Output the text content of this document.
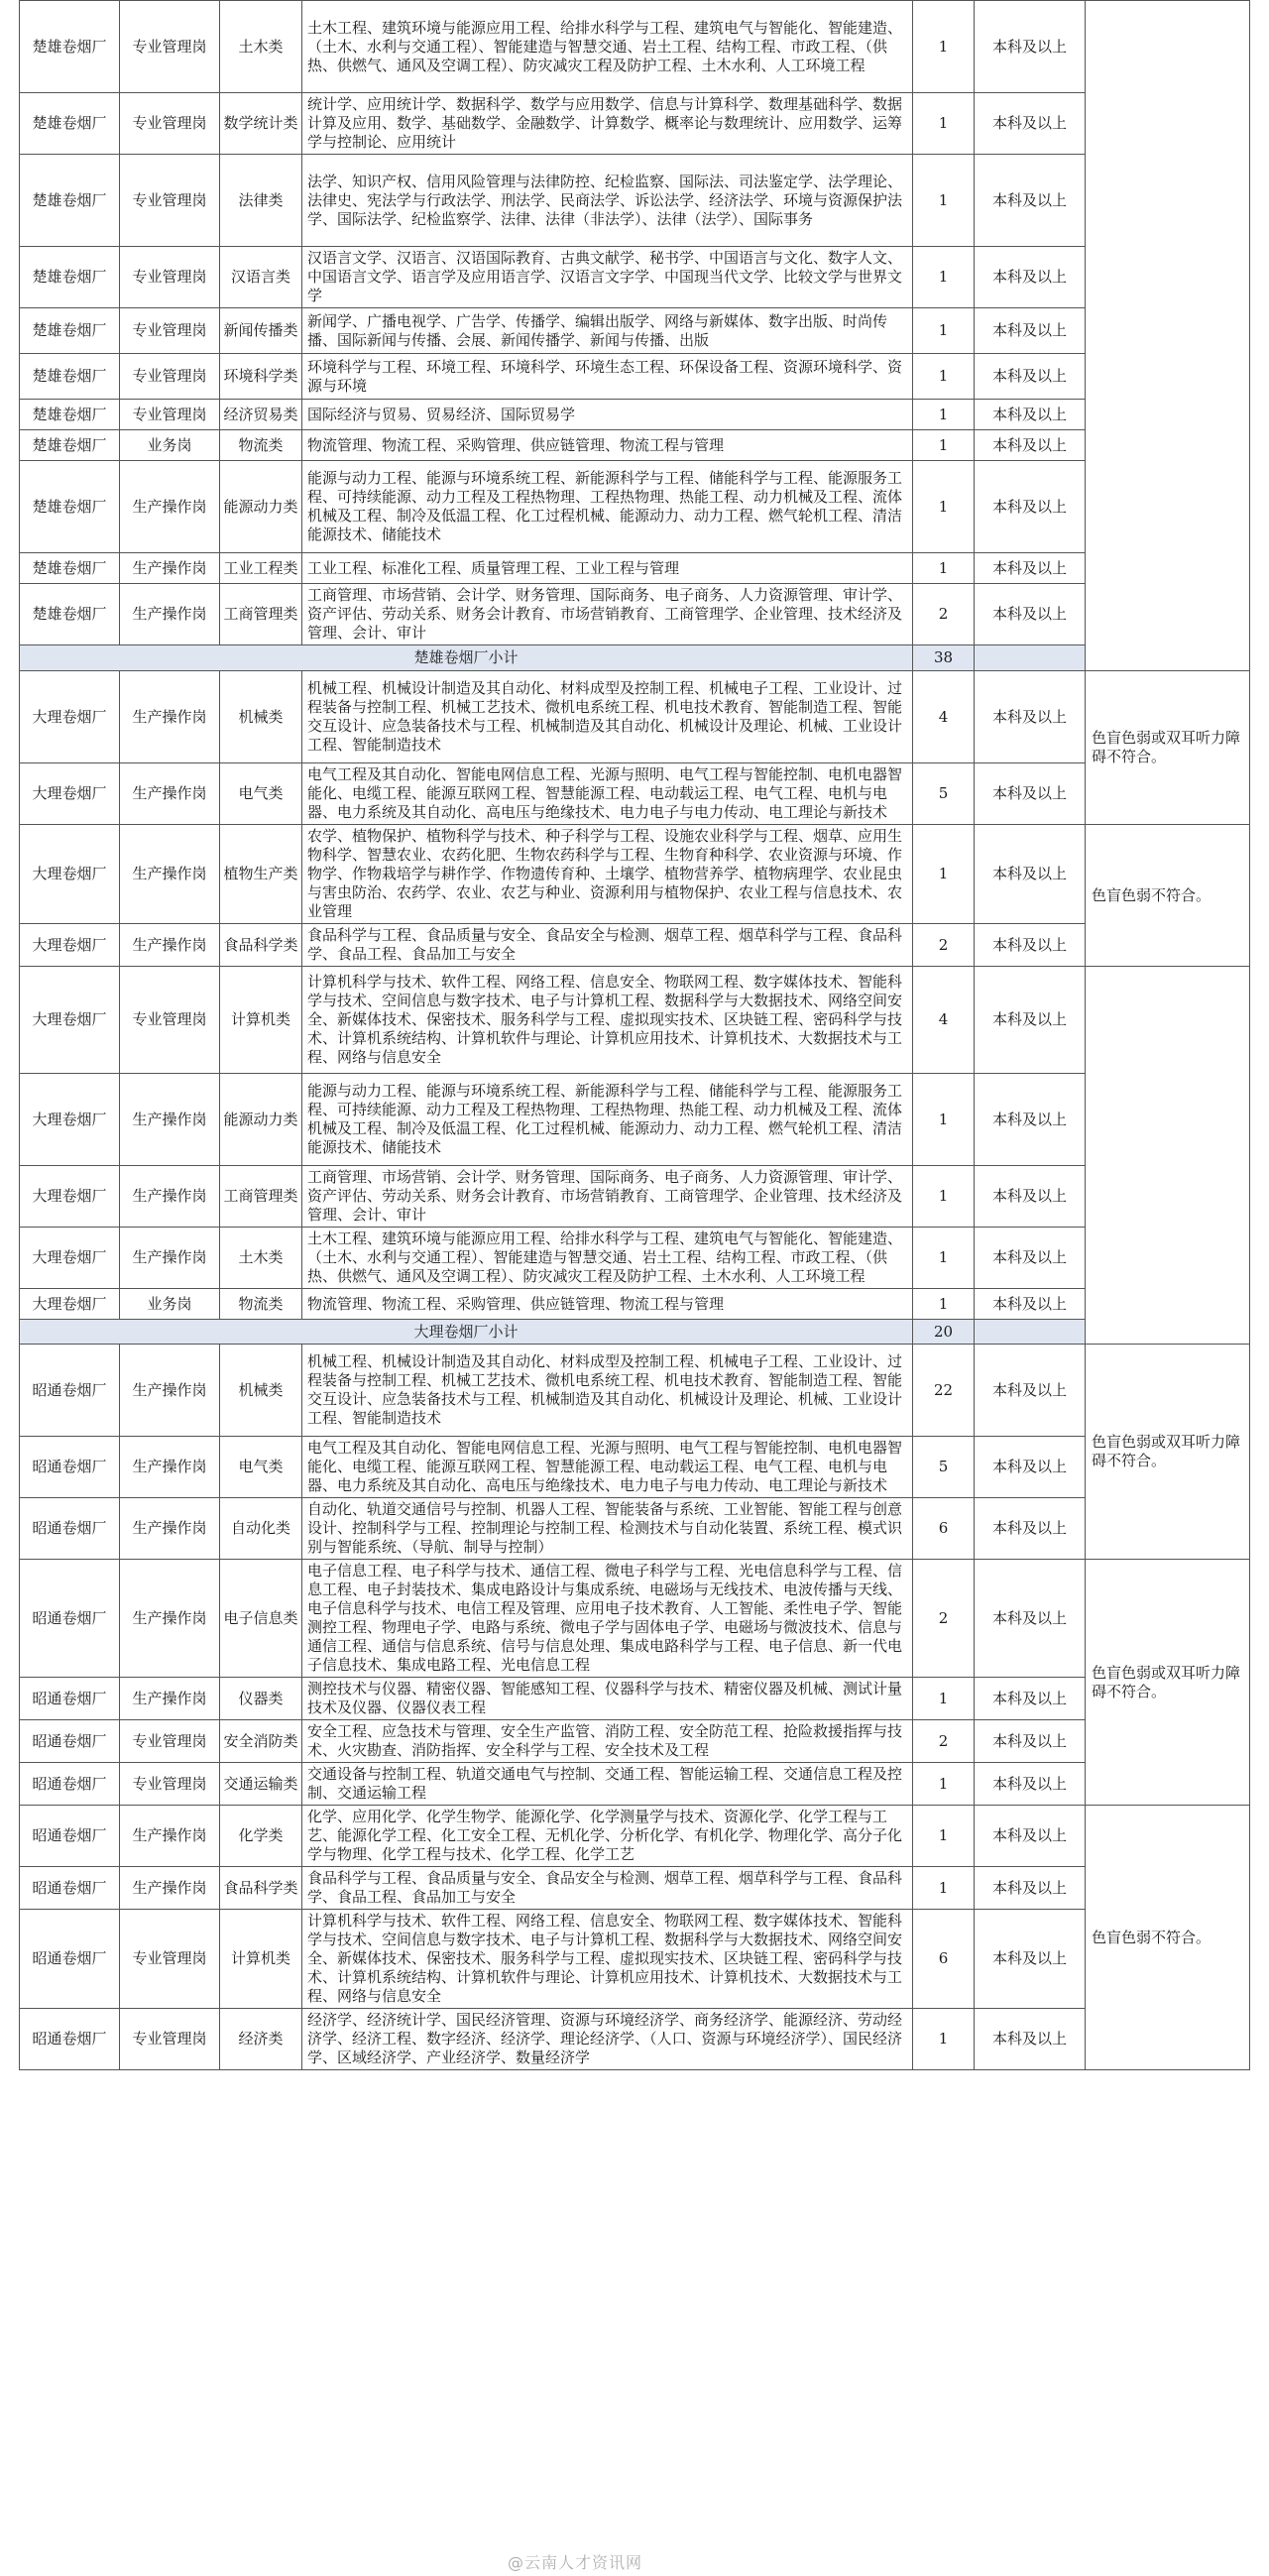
楚雄卷烟厂	专业管理岗	土木类	土木工程、建筑环境与能源应用工程、给排水科学与工程、建筑电气与智能化、智能建造、（土木、水利与交通工程）、智能建造与智慧交通、岩土工程、结构工程、市政工程、（供热、供燃气、通风及空调工程）、防灾减灾工程及防护工程、土木水利、人工环境工程	1	本科及以上	
楚雄卷烟厂	专业管理岗	数学统计类	统计学、应用统计学、数据科学、数学与应用数学、信息与计算科学、数理基础科学、数据计算及应用、数学、基础数学、金融数学、计算数学、概率论与数理统计、应用数学、运筹学与控制论、应用统计	1	本科及以上	
楚雄卷烟厂	专业管理岗	法律类	法学、知识产权、信用风险管理与法律防控、纪检监察、国际法、司法鉴定学、法学理论、法律史、宪法学与行政法学、刑法学、民商法学、诉讼法学、经济法学、环境与资源保护法学、国际法学、纪检监察学、法律、法律（非法学）、法律（法学）、国际事务	1	本科及以上	
楚雄卷烟厂	专业管理岗	汉语言类	汉语言文学、汉语言、汉语国际教育、古典文献学、秘书学、中国语言与文化、数字人文、中国语言文学、语言学及应用语言学、汉语言文字学、中国现当代文学、比较文学与世界文学	1	本科及以上	
楚雄卷烟厂	专业管理岗	新闻传播类	新闻学、广播电视学、广告学、传播学、编辑出版学、网络与新媒体、数字出版、时尚传播、国际新闻与传播、会展、新闻传播学、新闻与传播、出版	1	本科及以上	
楚雄卷烟厂	专业管理岗	环境科学类	环境科学与工程、环境工程、环境科学、环境生态工程、环保设备工程、资源环境科学、资源与环境	1	本科及以上	
楚雄卷烟厂	专业管理岗	经济贸易类	国际经济与贸易、贸易经济、国际贸易学	1	本科及以上	
楚雄卷烟厂	业务岗	物流类	物流管理、物流工程、采购管理、供应链管理、物流工程与管理	1	本科及以上	
楚雄卷烟厂	生产操作岗	能源动力类	能源与动力工程、能源与环境系统工程、新能源科学与工程、储能科学与工程、能源服务工程、可持续能源、动力工程及工程热物理、工程热物理、热能工程、动力机械及工程、流体机械及工程、制冷及低温工程、化工过程机械、能源动力、动力工程、燃气轮机工程、清洁能源技术、储能技术	1	本科及以上	
楚雄卷烟厂	生产操作岗	工业工程类	工业工程、标准化工程、质量管理工程、工业工程与管理	1	本科及以上	
楚雄卷烟厂	生产操作岗	工商管理类	工商管理、市场营销、会计学、财务管理、国际商务、电子商务、人力资源管理、审计学、资产评估、劳动关系、财务会计教育、市场营销教育、工商管理学、企业管理、技术经济及管理、会计、审计	2	本科及以上	
楚雄卷烟厂小计				38		
大理卷烟厂	生产操作岗	机械类	机械工程、机械设计制造及其自动化、材料成型及控制工程、机械电子工程、工业设计、过程装备与控制工程、机械工艺技术、微机电系统工程、机电技术教育、智能制造工程、智能交互设计、应急装备技术与工程、机械制造及其自动化、机械设计及理论、机械、工业设计工程、智能制造技术	4	本科及以上	色盲色弱或双耳听力障碍不符合。
大理卷烟厂	生产操作岗	电气类	电气工程及其自动化、智能电网信息工程、光源与照明、电气工程与智能控制、电机电器智能化、电缆工程、能源互联网工程、智慧能源工程、电动载运工程、电气工程、电机与电器、电力系统及其自动化、高电压与绝缘技术、电力电子与电力传动、电工理论与新技术	5	本科及以上	
大理卷烟厂	生产操作岗	植物生产类	农学、植物保护、植物科学与技术、种子科学与工程、设施农业科学与工程、烟草、应用生物科学、智慧农业、农药化肥、生物农药科学与工程、生物育种科学、农业资源与环境、作物学、作物栽培学与耕作学、作物遗传育种、土壤学、植物营养学、植物病理学、农业昆虫与害虫防治、农药学、农业、农艺与种业、资源利用与植物保护、农业工程与信息技术、农业管理	1	本科及以上	色盲色弱不符合。
大理卷烟厂	生产操作岗	食品科学类	食品科学与工程、食品质量与安全、食品安全与检测、烟草工程、烟草科学与工程、食品科学、食品工程、食品加工与安全	2	本科及以上	
大理卷烟厂	专业管理岗	计算机类	计算机科学与技术、软件工程、网络工程、信息安全、物联网工程、数字媒体技术、智能科学与技术、空间信息与数字技术、电子与计算机工程、数据科学与大数据技术、网络空间安全、新媒体技术、保密技术、服务科学与工程、虚拟现实技术、区块链工程、密码科学与技术、计算机系统结构、计算机软件与理论、计算机应用技术、计算机技术、大数据技术与工程、网络与信息安全	4	本科及以上	
大理卷烟厂	生产操作岗	能源动力类	能源与动力工程、能源与环境系统工程、新能源科学与工程、储能科学与工程、能源服务工程、可持续能源、动力工程及工程热物理、工程热物理、热能工程、动力机械及工程、流体机械及工程、制冷及低温工程、化工过程机械、能源动力、动力工程、燃气轮机工程、清洁能源技术、储能技术	1	本科及以上	
大理卷烟厂	生产操作岗	工商管理类	工商管理、市场营销、会计学、财务管理、国际商务、电子商务、人力资源管理、审计学、资产评估、劳动关系、财务会计教育、市场营销教育、工商管理学、企业管理、技术经济及管理、会计、审计	1	本科及以上	
大理卷烟厂	生产操作岗	土木类	土木工程、建筑环境与能源应用工程、给排水科学与工程、建筑电气与智能化、智能建造、（土木、水利与交通工程）、智能建造与智慧交通、岩土工程、结构工程、市政工程、（供热、供燃气、通风及空调工程）、防灾减灾工程及防护工程、土木水利、人工环境工程	1	本科及以上	
大理卷烟厂	业务岗	物流类	物流管理、物流工程、采购管理、供应链管理、物流工程与管理	1	本科及以上	
大理卷烟厂小计				20		
昭通卷烟厂	生产操作岗	机械类	机械工程、机械设计制造及其自动化、材料成型及控制工程、机械电子工程、工业设计、过程装备与控制工程、机械工艺技术、微机电系统工程、机电技术教育、智能制造工程、智能交互设计、应急装备技术与工程、机械制造及其自动化、机械设计及理论、机械、工业设计工程、智能制造技术	22	本科及以上	色盲色弱或双耳听力障碍不符合。
昭通卷烟厂	生产操作岗	电气类	电气工程及其自动化、智能电网信息工程、光源与照明、电气工程与智能控制、电机电器智能化、电缆工程、能源互联网工程、智慧能源工程、电动载运工程、电气工程、电机与电器、电力系统及其自动化、高电压与绝缘技术、电力电子与电力传动、电工理论与新技术	5	本科及以上	
昭通卷烟厂	生产操作岗	自动化类	自动化、轨道交通信号与控制、机器人工程、智能装备与系统、工业智能、智能工程与创意设计、控制科学与工程、控制理论与控制工程、检测技术与自动化装置、系统工程、模式识别与智能系统、（导航、制导与控制）	6	本科及以上	
昭通卷烟厂	生产操作岗	电子信息类	电子信息工程、电子科学与技术、通信工程、微电子科学与工程、光电信息科学与工程、信息工程、电子封装技术、集成电路设计与集成系统、电磁场与无线技术、电波传播与天线、电子信息科学与技术、电信工程及管理、应用电子技术教育、人工智能、柔性电子学、智能测控工程、物理电子学、电路与系统、微电子学与固体电子学、电磁场与微波技术、信息与通信工程、通信与信息系统、信号与信息处理、集成电路科学与工程、电子信息、新一代电子信息技术、集成电路工程、光电信息工程	2	本科及以上	色盲色弱或双耳听力障碍不符合。
昭通卷烟厂	生产操作岗	仪器类	测控技术与仪器、精密仪器、智能感知工程、仪器科学与技术、精密仪器及机械、测试计量技术及仪器、仪器仪表工程	1	本科及以上	
昭通卷烟厂	专业管理岗	安全消防类	安全工程、应急技术与管理、安全生产监管、消防工程、安全防范工程、抢险救援指挥与技术、火灾勘查、消防指挥、安全科学与工程、安全技术及工程	2	本科及以上	
昭通卷烟厂	专业管理岗	交通运输类	交通设备与控制工程、轨道交通电气与控制、交通工程、智能运输工程、交通信息工程及控制、交通运输工程	1	本科及以上	
昭通卷烟厂	生产操作岗	化学类	化学、应用化学、化学生物学、能源化学、化学测量学与技术、资源化学、化学工程与工艺、能源化学工程、化工安全工程、无机化学、分析化学、有机化学、物理化学、高分子化学与物理、化学工程与技术、化学工程、化学工艺	1	本科及以上	色盲色弱不符合。
昭通卷烟厂	生产操作岗	食品科学类	食品科学与工程、食品质量与安全、食品安全与检测、烟草工程、烟草科学与工程、食品科学、食品工程、食品加工与安全	1	本科及以上	
昭通卷烟厂	专业管理岗	计算机类	计算机科学与技术、软件工程、网络工程、信息安全、物联网工程、数字媒体技术、智能科学与技术、空间信息与数字技术、电子与计算机工程、数据科学与大数据技术、网络空间安全、新媒体技术、保密技术、服务科学与工程、虚拟现实技术、区块链工程、密码科学与技术、计算机系统结构、计算机软件与理论、计算机应用技术、计算机技术、大数据技术与工程、网络与信息安全	6	本科及以上	
昭通卷烟厂	专业管理岗	经济类	经济学、经济统计学、国民经济管理、资源与环境经济学、商务经济学、能源经济、劳动经济学、经济工程、数字经济、经济学、理论经济学、（人口、资源与环境经济学）、国民经济学、区域经济学、产业经济学、数量经济学	1	本科及以上	
@云南人才资讯网
